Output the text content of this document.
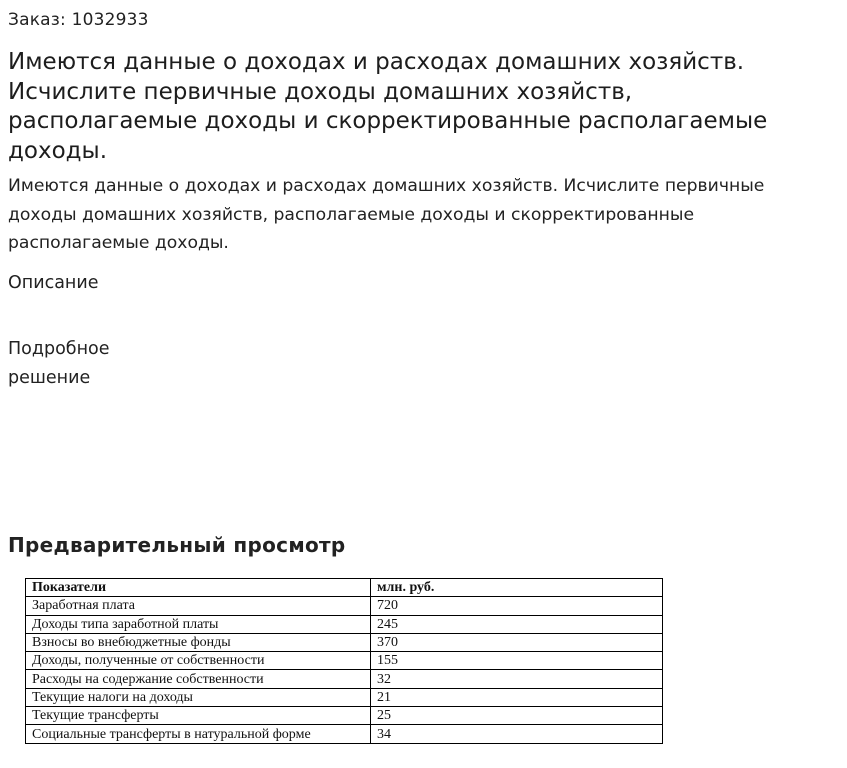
Заказ: 1032933
Имеются данные о доходах и расходах домашних хозяйств. Исчислите первичные доходы домашних хозяйств, располагаемые доходы и скорректированные располагаемые доходы.

Имеются данные о доходах и расходах домашних хозяйств. Исчислите первичные доходы домашних хозяйств, располагаемые доходы и скорректированные располагаемые доходы.

Описание
Подробное решение
Предварительный просмотр
Показатели	млн. руб.
Заработная плата	720
Доходы типа заработной платы	245
Взносы во внебюджетные фонды	370
Доходы, полученные от собственности	155
Расходы на содержание собственности	32
Текущие налоги на доходы	21
Текущие трансферты	25
Социальные трансферты в натуральной форме	34
